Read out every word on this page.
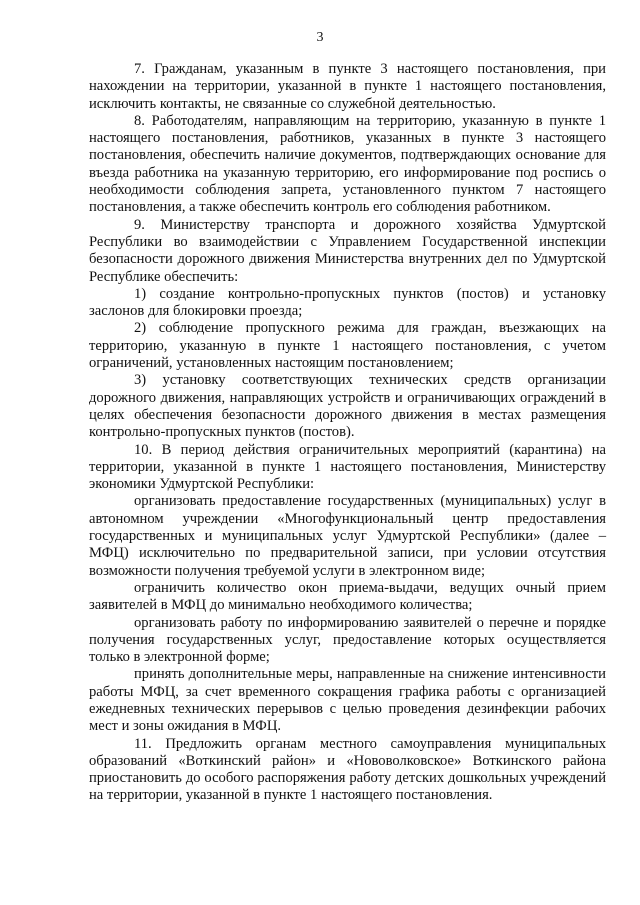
3

7. Гражданам, указанным в пункте 3 настоящего постановления, при нахождении на территории, указанной в пункте 1 настоящего постановления, исключить контакты, не связанные со служебной деятельностью.

8. Работодателям, направляющим на территорию, указанную в пункте 1 настоящего постановления, работников, указанных в пункте 3 настоящего постановления, обеспечить наличие документов, подтверждающих основание для въезда работника на указанную территорию, его информирование под роспись о необходимости соблюдения запрета, установленного пунктом 7 настоящего постановления, а также обеспечить контроль его соблюдения работником.

9. Министерству транспорта и дорожного хозяйства Удмуртской Республики во взаимодействии с Управлением Государственной инспекции безопасности дорожного движения Министерства внутренних дел по Удмуртской Республике обеспечить:

1) создание контрольно-пропускных пунктов (постов) и установку заслонов для блокировки проезда;

2) соблюдение пропускного режима для граждан, въезжающих на территорию, указанную в пункте 1 настоящего постановления, с учетом ограничений, установленных настоящим постановлением;

3) установку соответствующих технических средств организации дорожного движения, направляющих устройств и ограничивающих ограждений в целях обеспечения безопасности дорожного движения в местах размещения контрольно-пропускных пунктов (постов).

10. В период действия ограничительных мероприятий (карантина) на территории, указанной в пункте 1 настоящего постановления, Министерству экономики Удмуртской Республики:

организовать предоставление государственных (муниципальных) услуг в автономном учреждении «Многофункциональный центр предоставления государственных и муниципальных услуг Удмуртской Республики» (далее – МФЦ) исключительно по предварительной записи, при условии отсутствия возможности получения требуемой услуги в электронном виде;

ограничить количество окон приема-выдачи, ведущих очный прием заявителей в МФЦ до минимально необходимого количества;

организовать работу по информированию заявителей о перечне и порядке получения государственных услуг, предоставление которых осуществляется только в электронной форме;

принять дополнительные меры, направленные на снижение интенсивности работы МФЦ, за счет временного сокращения графика работы с организацией ежедневных технических перерывов с целью проведения дезинфекции рабочих мест и зоны ожидания в МФЦ.

11. Предложить органам местного самоуправления муниципальных образований «Воткинский район» и «Нововолковское» Воткинского района приостановить до особого распоряжения работу детских дошкольных учреждений на территории, указанной в пункте 1 настоящего постановления.
